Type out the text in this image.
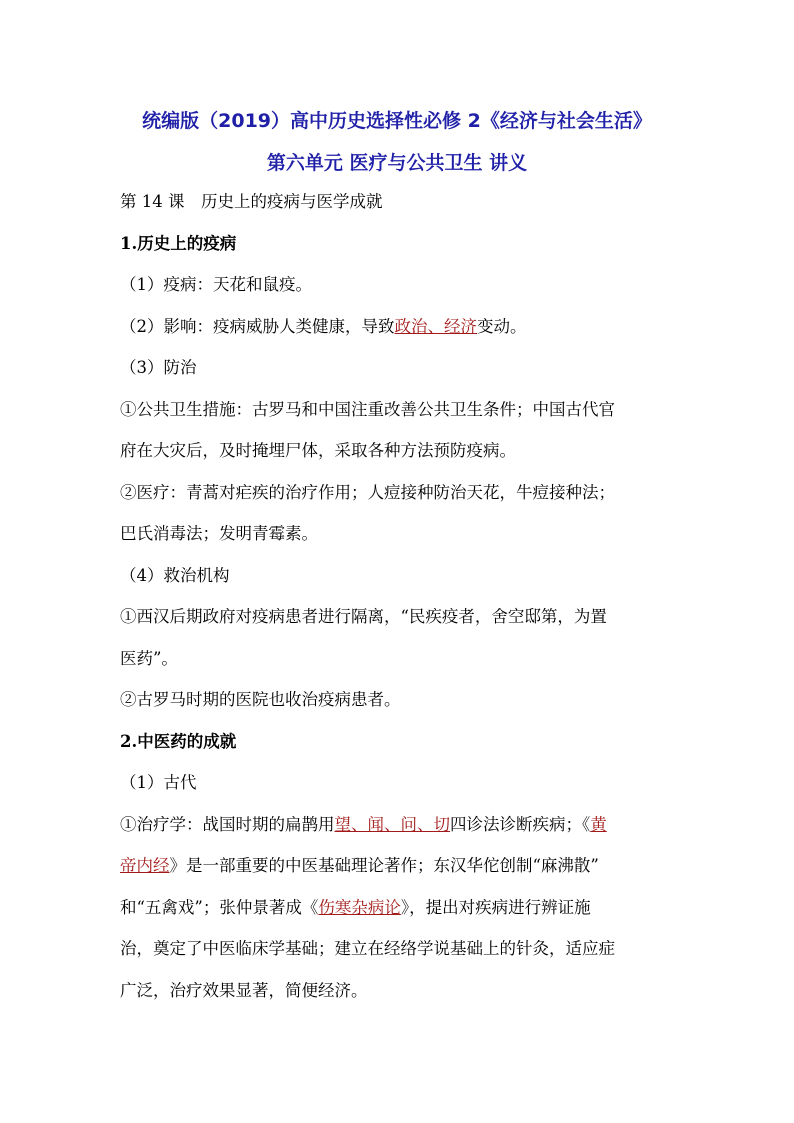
统编版（2019）高中历史选择性必修 2《经济与社会生活》
第六单元 医疗与公共卫生 讲义
第 14 课　历史上的疫病与医学成就
1.历史上的疫病
（1）疫病：天花和鼠疫。
（2）影响：疫病威胁人类健康，导致政治、经济变动。
（3）防治
①公共卫生措施：古罗马和中国注重改善公共卫生条件；中国古代官
府在大灾后，及时掩埋尸体，采取各种方法预防疫病。
②医疗：青蒿对疟疾的治疗作用；人痘接种防治天花，牛痘接种法；
巴氏消毒法；发明青霉素。
（4）救治机构
①西汉后期政府对疫病患者进行隔离，“民疾疫者，舍空邸第，为置
医药”。
②古罗马时期的医院也收治疫病患者。
2.中医药的成就
（1）古代
①治疗学：战国时期的扁鹊用望、闻、问、切四诊法诊断疾病；《黄
帝内经》是一部重要的中医基础理论著作；东汉华佗创制“麻沸散”
和“五禽戏”；张仲景著成《伤寒杂病论》，提出对疾病进行辨证施
治，奠定了中医临床学基础；建立在经络学说基础上的针灸，适应症
广泛，治疗效果显著，简便经济。
